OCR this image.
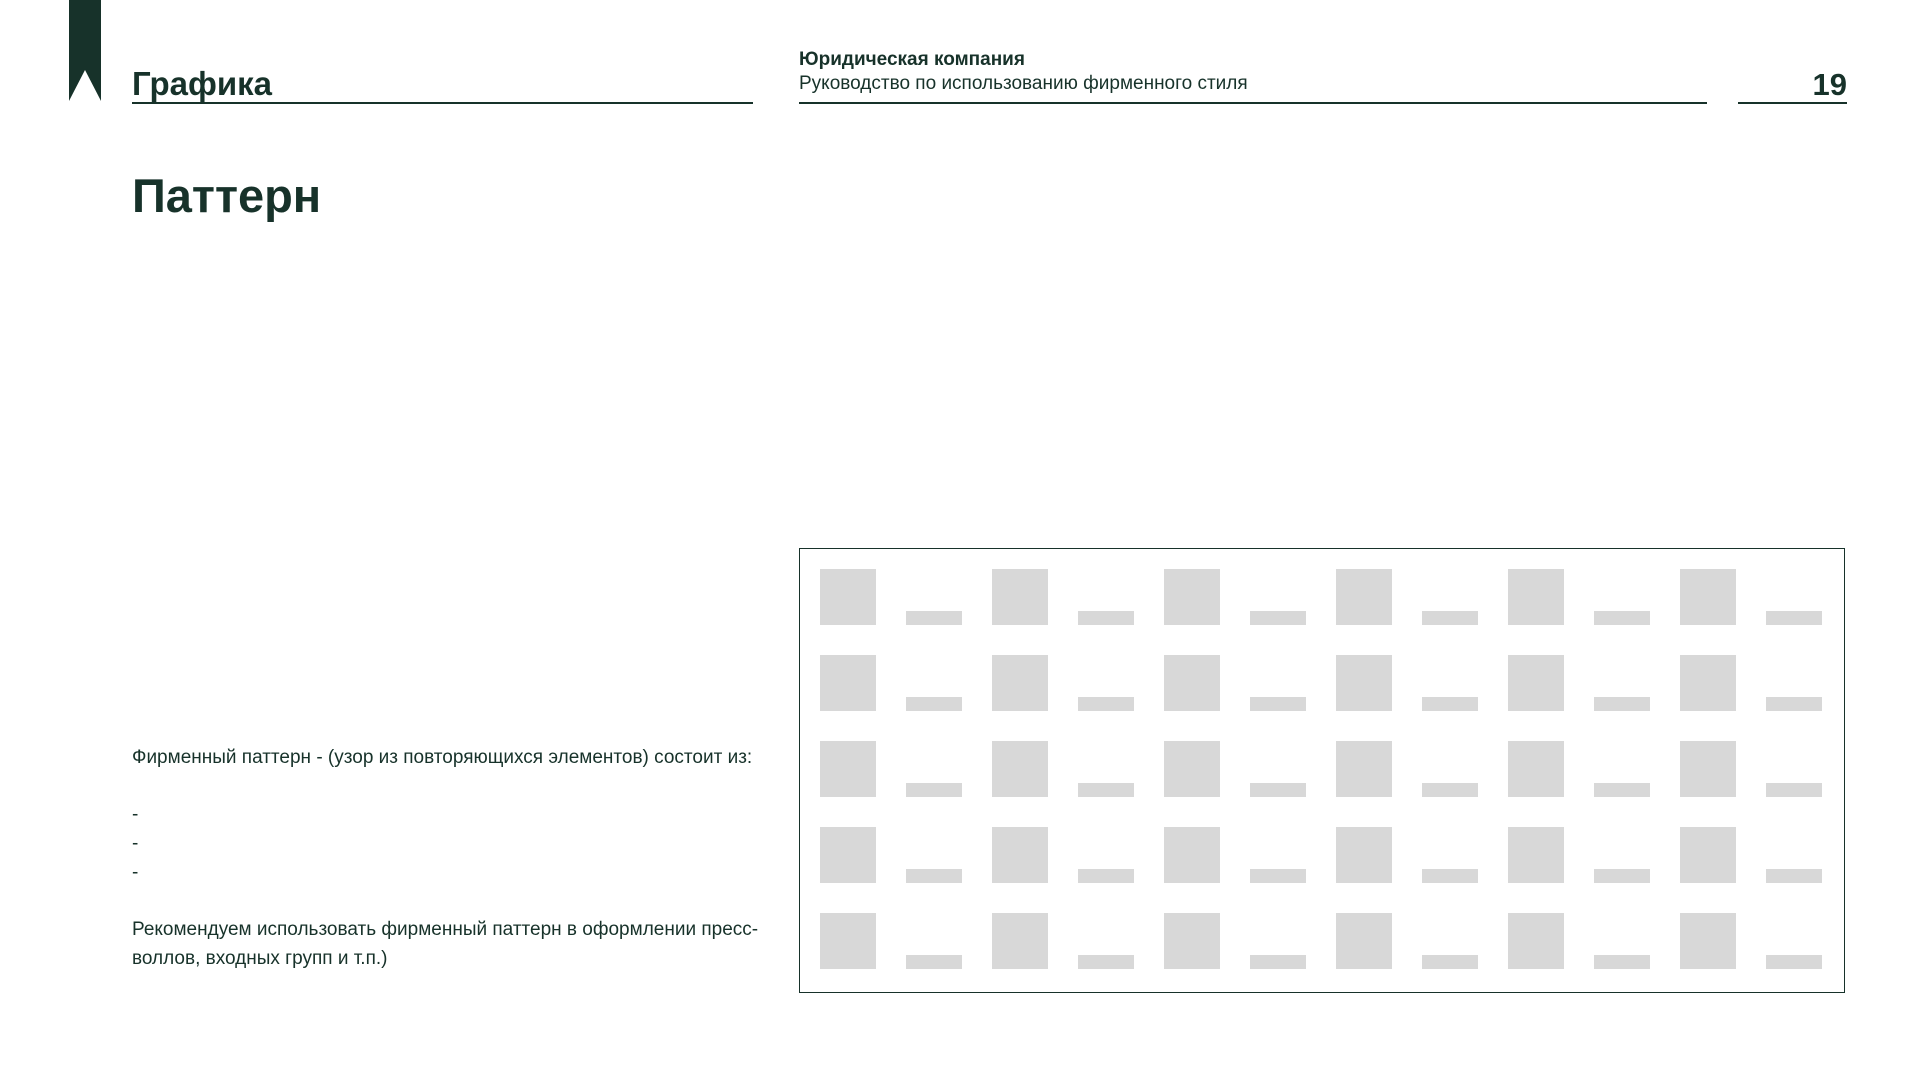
Графика
Юридическая компания
Руководство по использованию фирменного стиля	19
Паттерн

Фирменный паттерн - (узор из повторяющихся элементов) состоит из:

-
-
-

Рекомендуем использовать фирменный паттерн в оформлении пресс-воллов, входных групп и т.п.)
